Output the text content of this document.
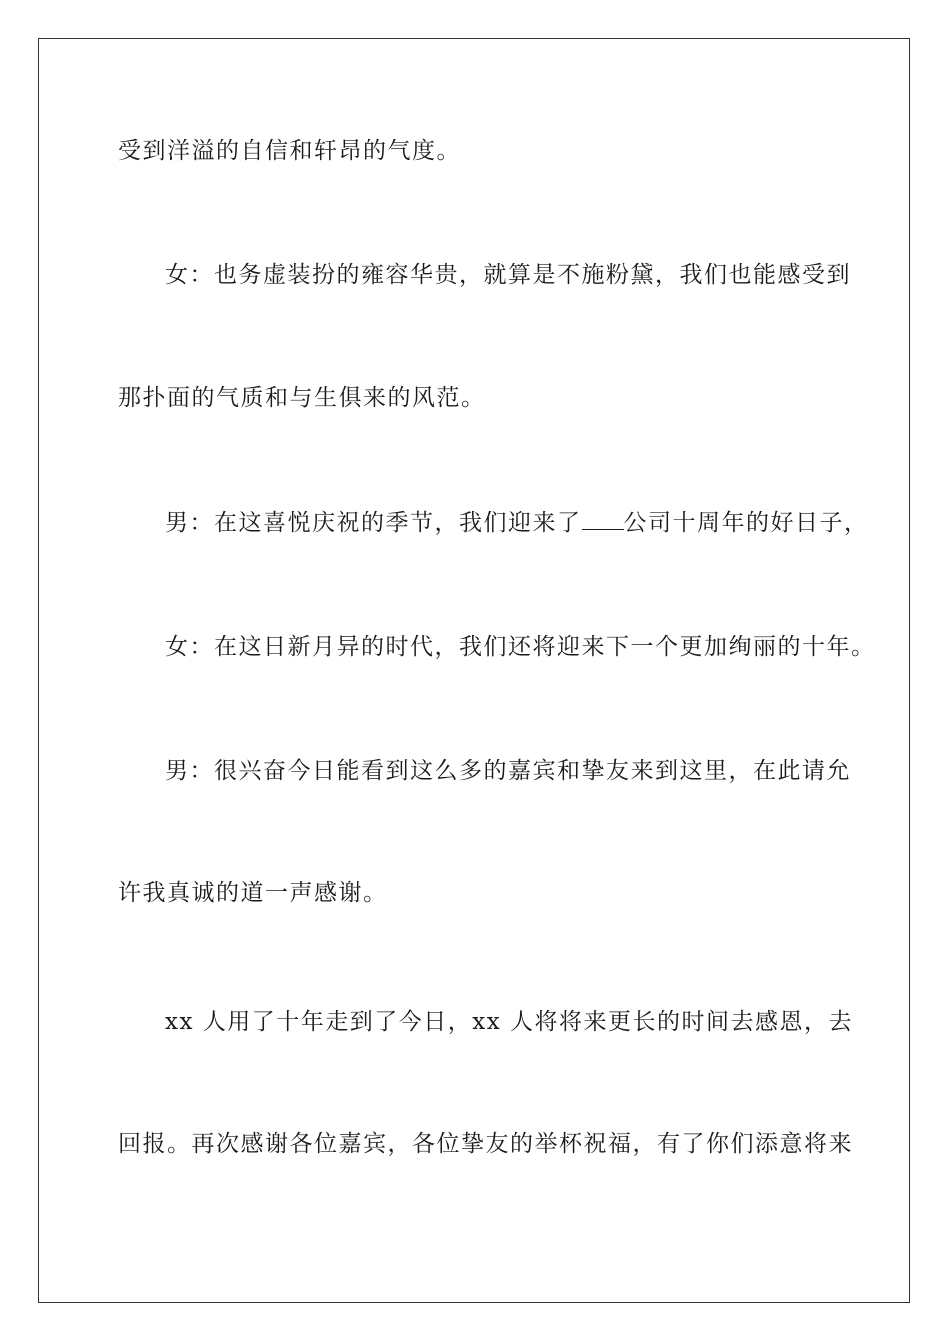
受到洋溢的自信和轩昂的气度。
女：也务虚装扮的雍容华贵，就算是不施粉黛，我们也能感受到
那扑面的气质和与生俱来的风范。
男：在这喜悦庆祝的季节，我们迎来了 公司十周年的好日子，
女：在这日新月异的时代，我们还将迎来下一个更加绚丽的十年。
男：很兴奋今日能看到这么多的嘉宾和挚友来到这里，在此请允
许我真诚的道一声感谢。
xx 人用了十年走到了今日，xx 人将将来更长的时间去感恩，去
回报。再次感谢各位嘉宾，各位挚友的举杯祝福，有了你们添意将来
